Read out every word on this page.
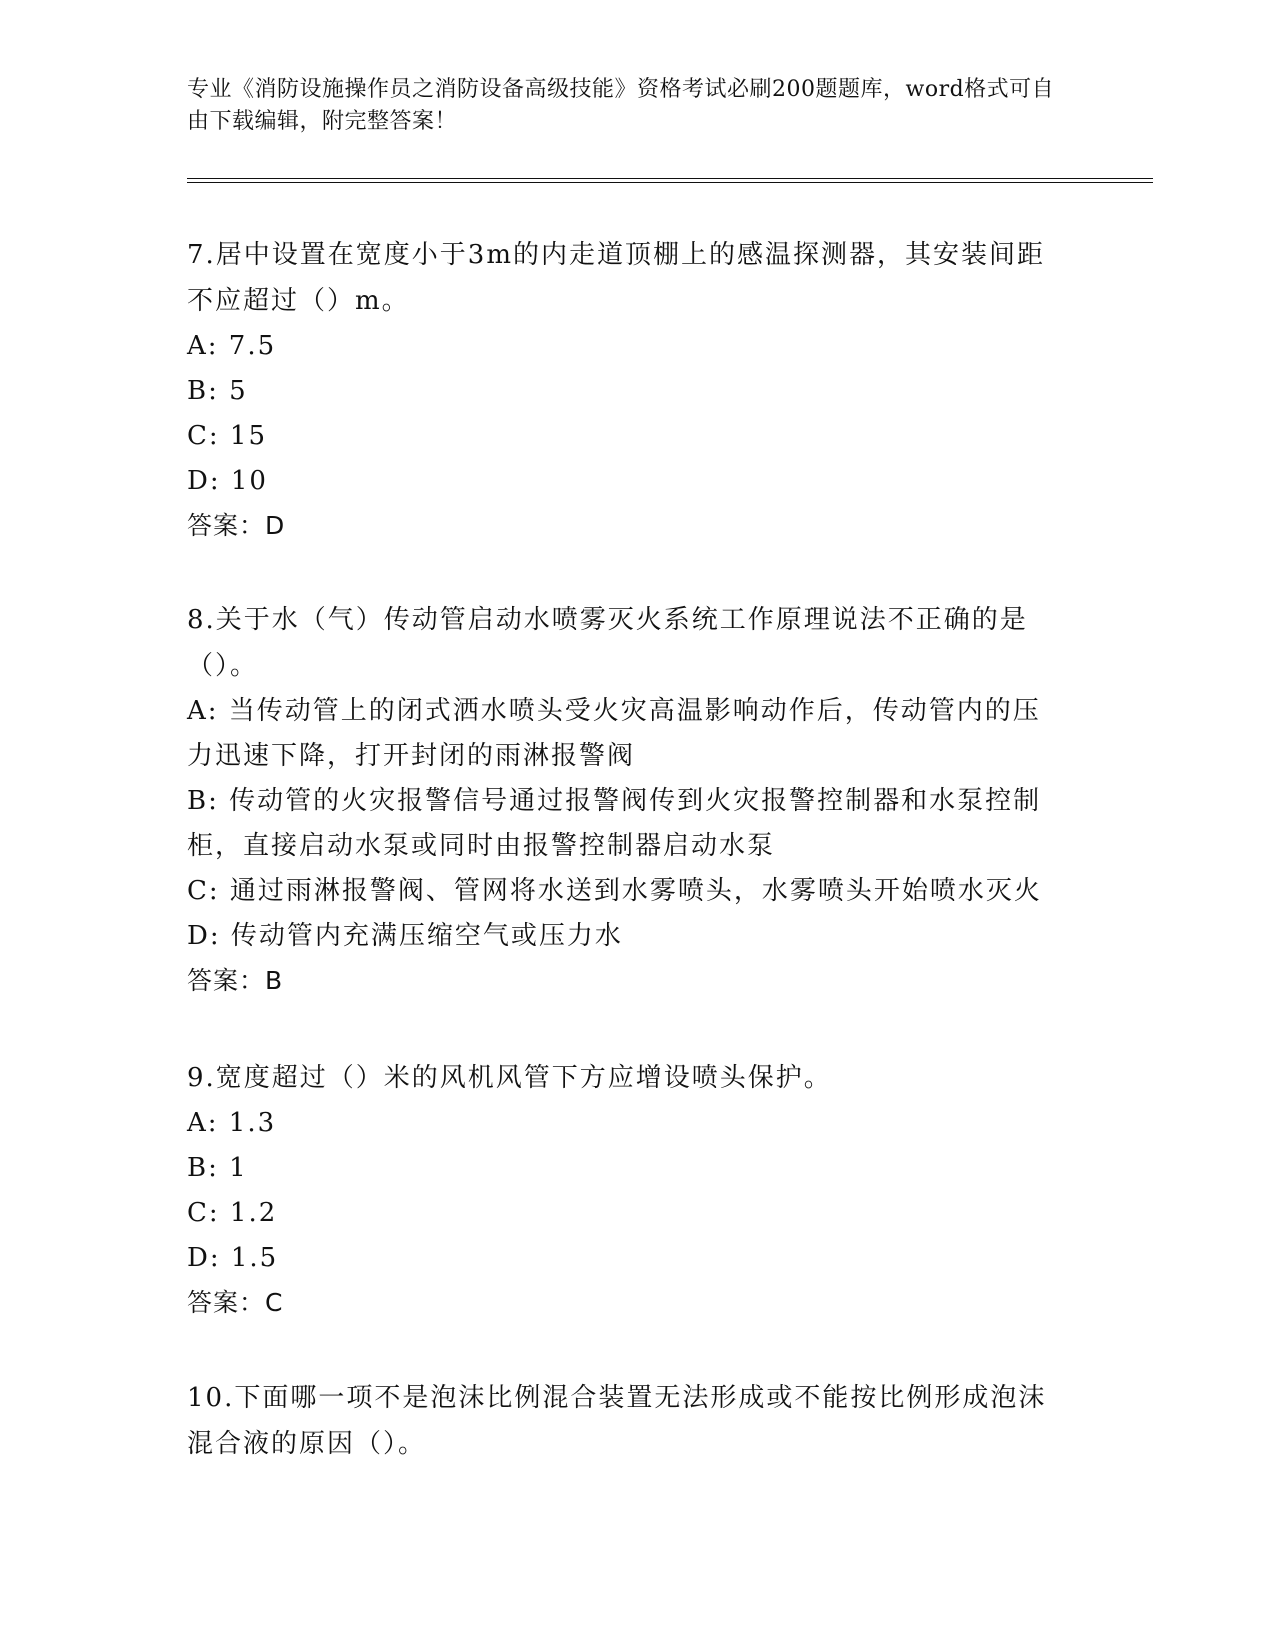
专业《消防设施操作员之消防设备高级技能》资格考试必刷200题题库，word格式可自由下载编辑，附完整答案！

7.居中设置在宽度小于3m的内走道顶棚上的感温探测器，其安装间距不应超过（）m。

A: 7.5

B: 5

C: 15

D: 10

答案：D

8.关于水（气）传动管启动水喷雾灭火系统工作原理说法不正确的是（）。

A: 当传动管上的闭式洒水喷头受火灾高温影响动作后，传动管内的压力迅速下降，打开封闭的雨淋报警阀

B: 传动管的火灾报警信号通过报警阀传到火灾报警控制器和水泵控制柜，直接启动水泵或同时由报警控制器启动水泵

C: 通过雨淋报警阀、管网将水送到水雾喷头，水雾喷头开始喷水灭火

D: 传动管内充满压缩空气或压力水

答案：B

9.宽度超过（）米的风机风管下方应增设喷头保护。

A: 1.3

B: 1

C: 1.2

D: 1.5

答案：C

10.下面哪一项不是泡沫比例混合装置无法形成或不能按比例形成泡沫混合液的原因（）。
